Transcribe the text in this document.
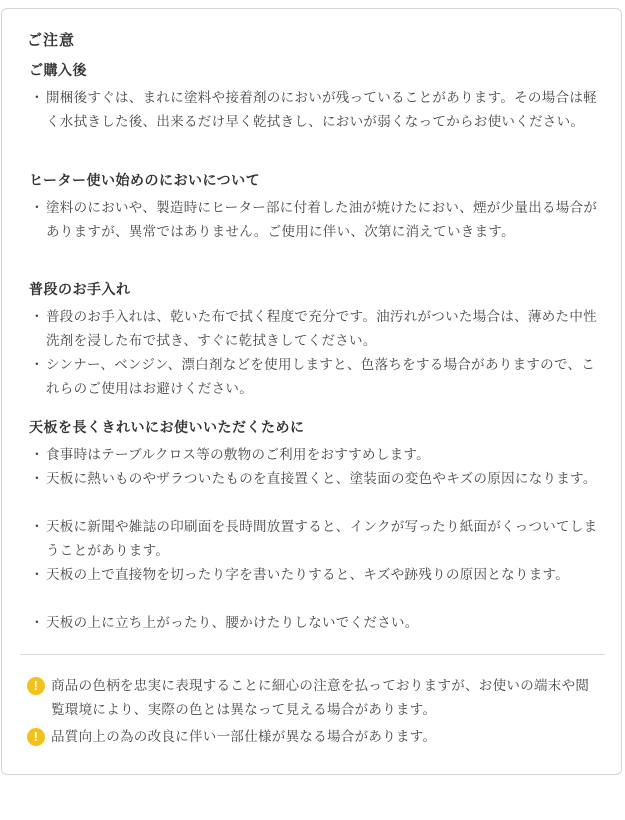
ご注意
ご購入後
・ 開梱後すぐは、まれに塗料や接着剤のにおいが残っていることがあります。その場合は軽く水拭きした後、出来るだけ早く乾拭きし、においが弱くなってからお使いください。
ヒーター使い始めのにおいについて
・ 塗料のにおいや、製造時にヒーター部に付着した油が焼けたにおい、煙が少量出る場合がありますが、異常ではありません。ご使用に伴い、次第に消えていきます。
普段のお手入れ
・ 普段のお手入れは、乾いた布で拭く程度で充分です。油汚れがついた場合は、薄めた中性洗剤を浸した布で拭き、すぐに乾拭きしてください。
・ シンナー、ベンジン、漂白剤などを使用しますと、色落ちをする場合がありますので、これらのご使用はお避けください。
天板を長くきれいにお使いいただくために
・ 食事時はテーブルクロス等の敷物のご利用をおすすめします。
・ 天板に熱いものやザラついたものを直接置くと、塗装面の変色やキズの原因になります。
・ 天板に新聞や雑誌の印刷面を長時間放置すると、インクが写ったり紙面がくっついてしまうことがあります。
・ 天板の上で直接物を切ったり字を書いたりすると、キズや跡残りの原因となります。
・ 天板の上に立ち上がったり、腰かけたりしないでください。
! 商品の色柄を忠実に表現することに細心の注意を払っておりますが、お使いの端末や閲覧環境により、実際の色とは異なって見える場合があります。
! 品質向上の為の改良に伴い一部仕様が異なる場合があります。
